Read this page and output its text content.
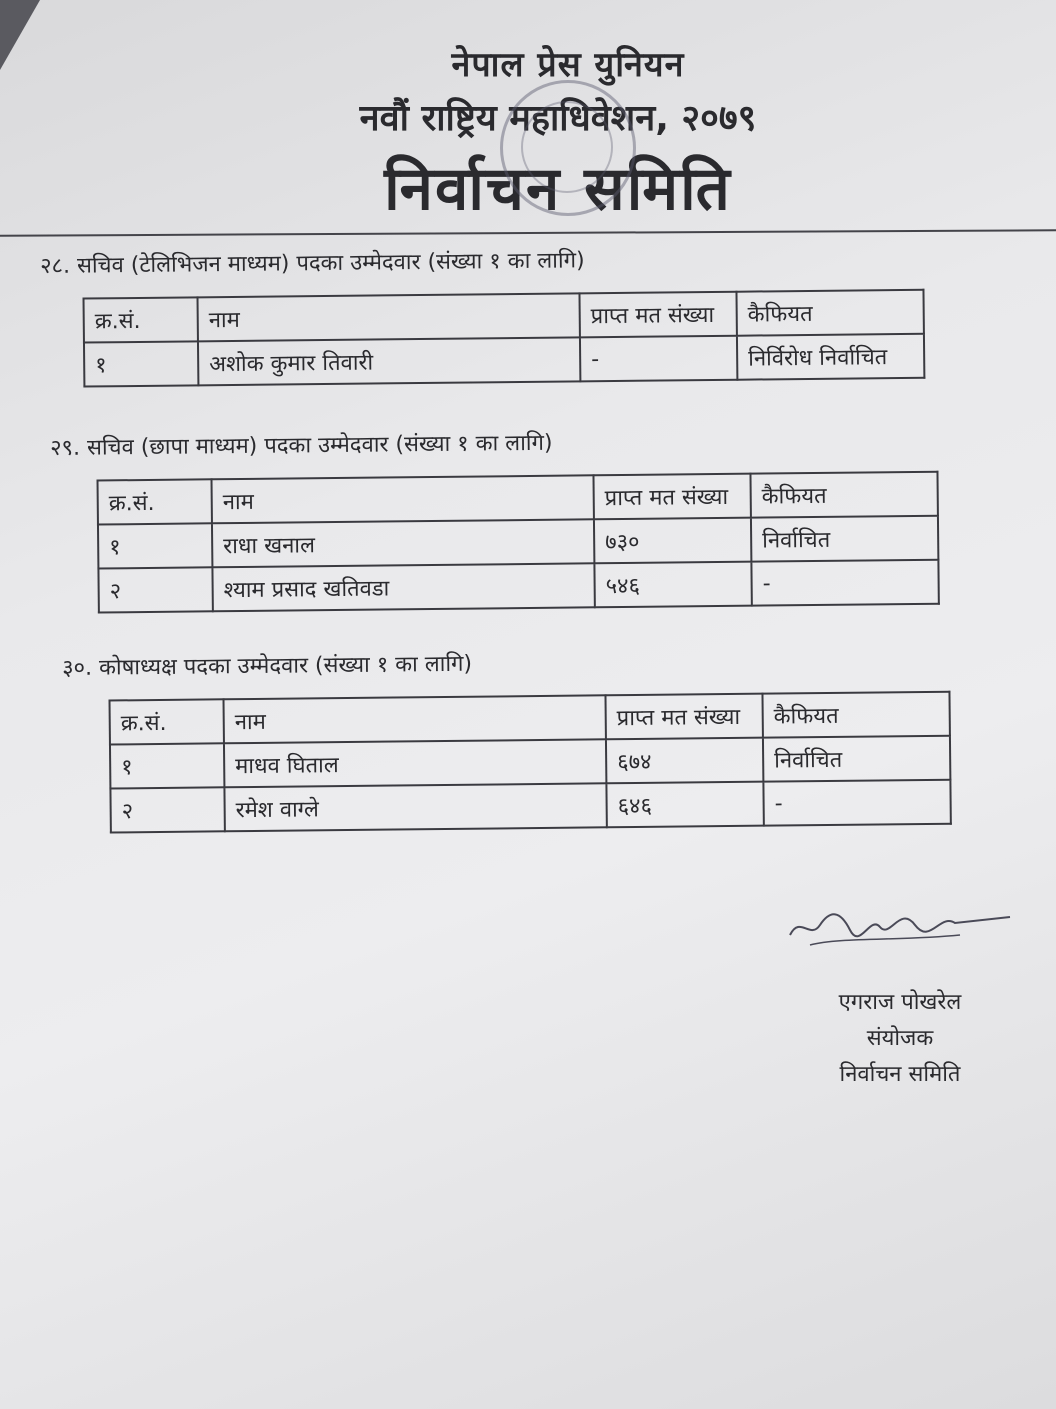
नेपाल प्रेस युनियन
नवौं राष्ट्रिय महाधिवेशन, २०७९
निर्वाचन समिति
२८. सचिव (टेलिभिजन माध्यम) पदका उम्मेदवार (संख्या १ का लागि)
क्र.सं.	नाम	प्राप्त मत संख्या	कैफियत
१	अशोक कुमार तिवारी	-	निर्विरोध निर्वाचित
२९. सचिव (छापा माध्यम) पदका उम्मेदवार (संख्या १ का लागि)
क्र.सं.	नाम	प्राप्त मत संख्या	कैफियत
१	राधा खनाल	७३०	निर्वाचित
२	श्याम प्रसाद खतिवडा	५४६	-
३०. कोषाध्यक्ष पदका उम्मेदवार (संख्या १ का लागि)
क्र.सं.	नाम	प्राप्त मत संख्या	कैफियत
१	माधव घिताल	६७४	निर्वाचित
२	रमेश वाग्ले	६४६	-
एगराज पोखरेल
संयोजक
निर्वाचन समिति
